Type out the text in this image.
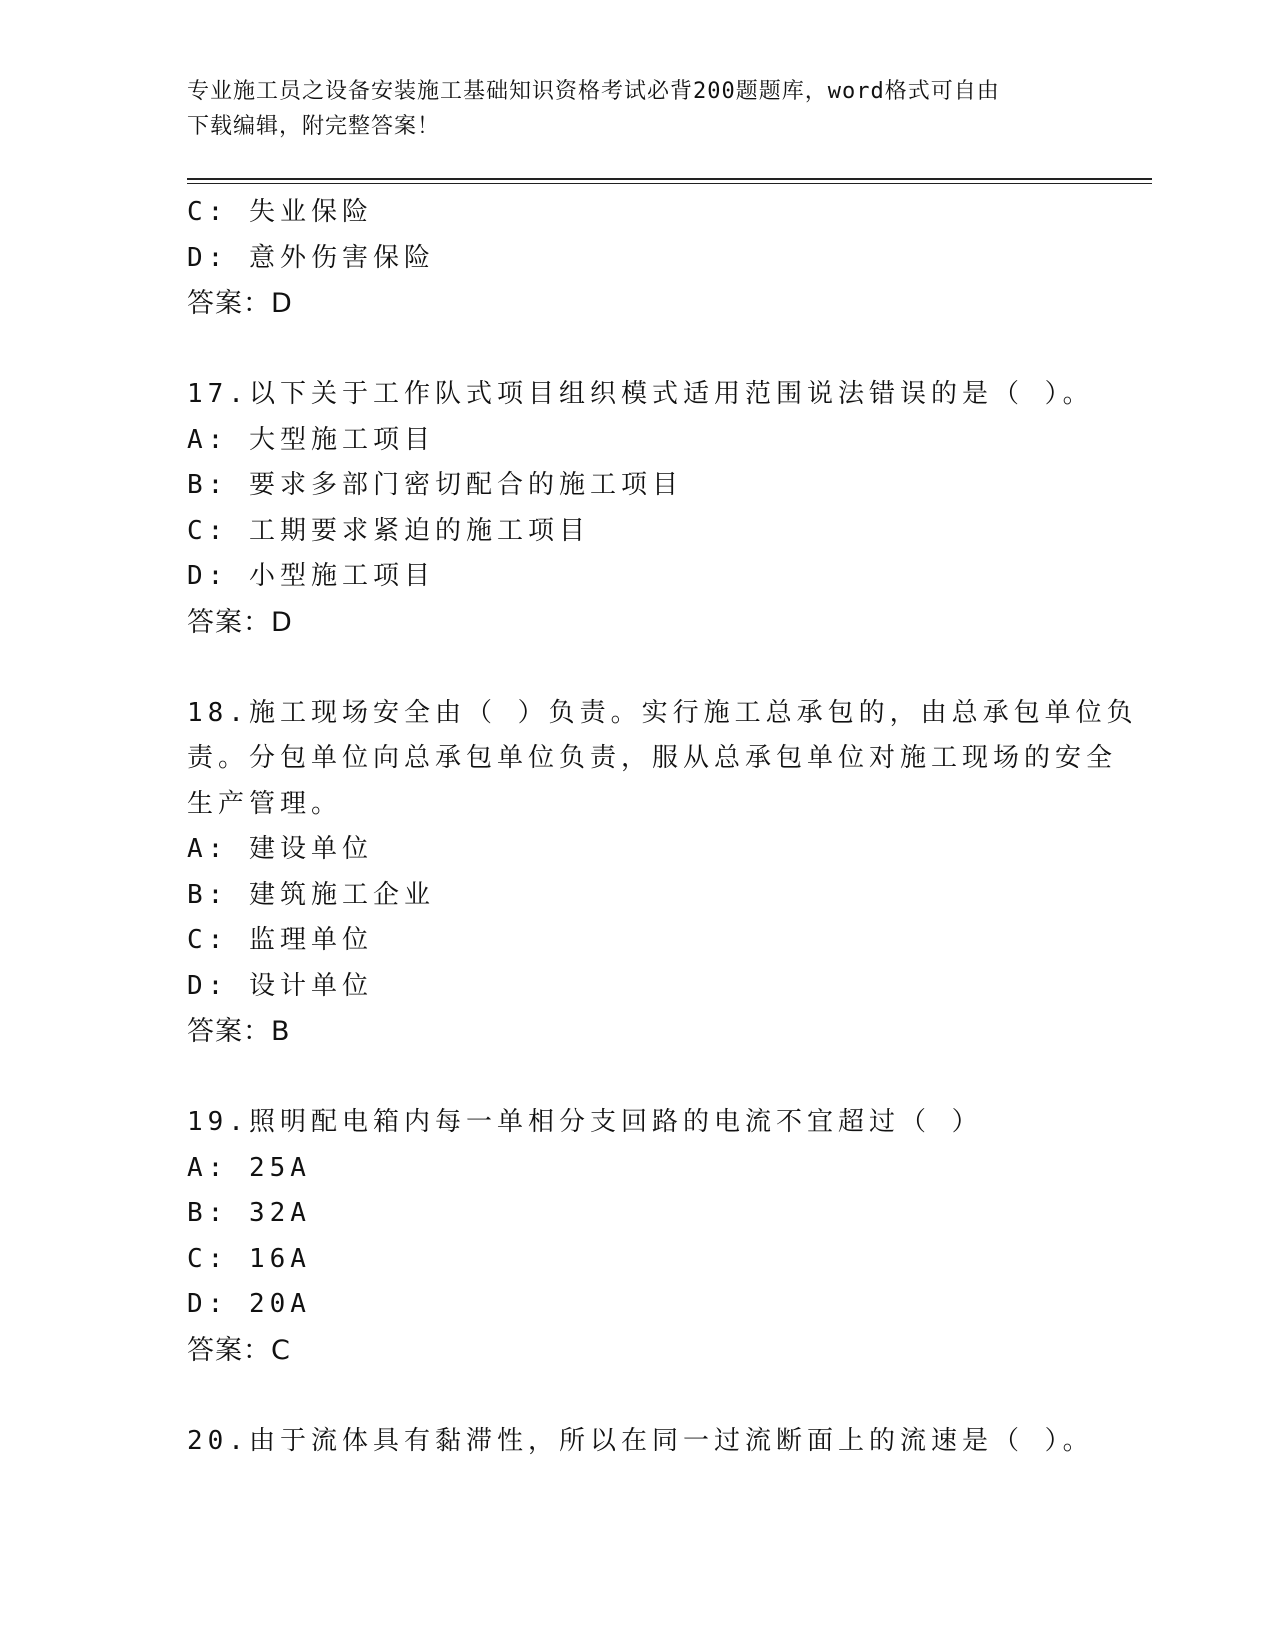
专业施工员之设备安装施工基础知识资格考试必背200题题库，word格式可自由
下载编辑，附完整答案！
C: 失业保险
D: 意外伤害保险
答案：D
17.以下关于工作队式项目组织模式适用范围说法错误的是（ ）。
A: 大型施工项目
B: 要求多部门密切配合的施工项目
C: 工期要求紧迫的施工项目
D: 小型施工项目
答案：D
18.施工现场安全由（ ）负责。实行施工总承包的，由总承包单位负
责。分包单位向总承包单位负责，服从总承包单位对施工现场的安全
生产管理。
A: 建设单位
B: 建筑施工企业
C: 监理单位
D: 设计单位
答案：B
19.照明配电箱内每一单相分支回路的电流不宜超过（ ）
A: 25A
B: 32A
C: 16A
D: 20A
答案：C
20.由于流体具有黏滞性，所以在同一过流断面上的流速是（ ）。
